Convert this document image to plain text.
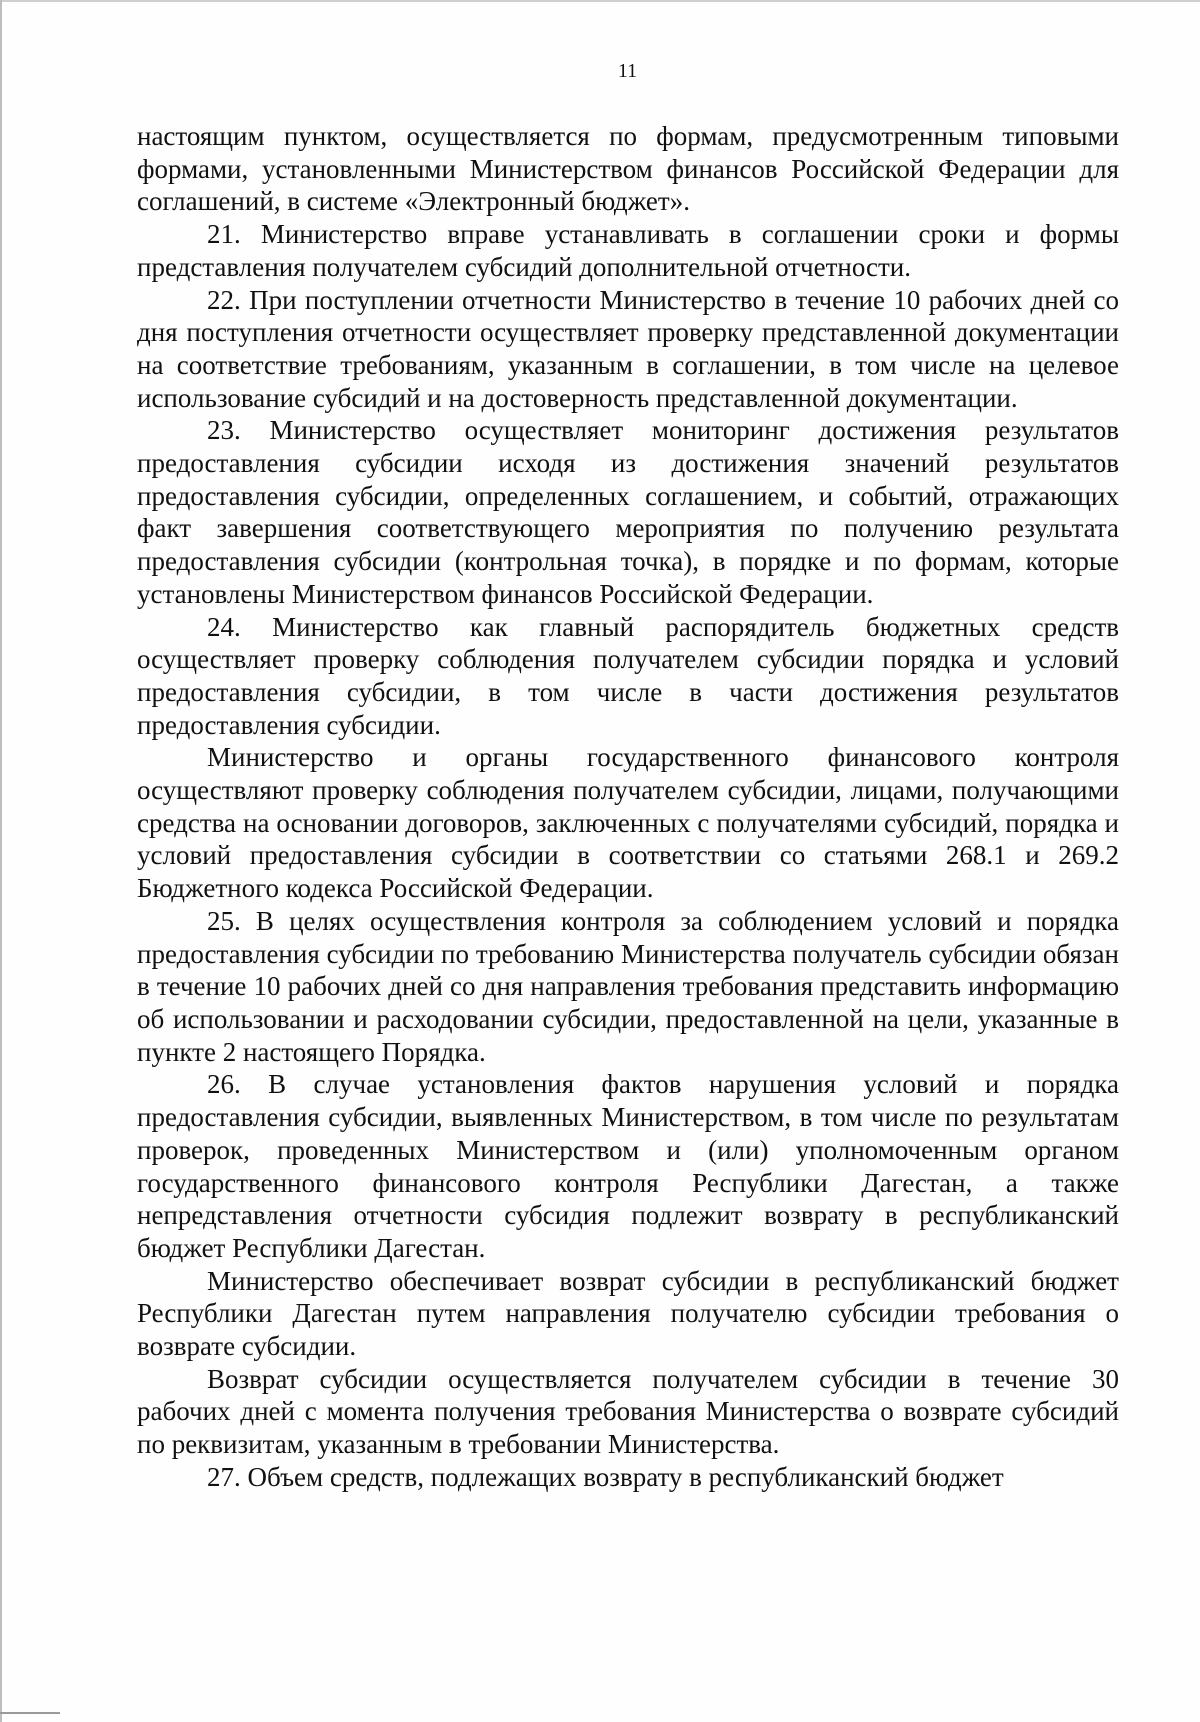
11

настоящим пунктом, осуществляется по формам, предусмотренным типовыми формами, установленными Министерством финансов Российской Федерации для соглашений, в системе «Электронный бюджет».

21. Министерство вправе устанавливать в соглашении сроки и формы представления получателем субсидий дополнительной отчетности.

22. При поступлении отчетности Министерство в течение 10 рабочих дней со дня поступления отчетности осуществляет проверку представленной документации на соответствие требованиям, указанным в соглашении, в том числе на целевое использование субсидий и на достоверность представленной документации.

23. Министерство осуществляет мониторинг достижения результатов предоставления субсидии исходя из достижения значений результатов предоставления субсидии, определенных соглашением, и событий, отражающих факт завершения соответствующего мероприятия по получению результата предоставления субсидии (контрольная точка), в порядке и по формам, которые установлены Министерством финансов Российской Федерации.

24. Министерство как главный распорядитель бюджетных средств осуществляет проверку соблюдения получателем субсидии порядка и условий предоставления субсидии, в том числе в части достижения результатов предоставления субсидии.

Министерство и органы государственного финансового контроля осуществляют проверку соблюдения получателем субсидии, лицами, получающими средства на основании договоров, заключенных с получателями субсидий, порядка и условий предоставления субсидии в соответствии со статьями 268.1 и 269.2 Бюджетного кодекса Российской Федерации.

25. В целях осуществления контроля за соблюдением условий и порядка предоставления субсидии по требованию Министерства получатель субсидии обязан в течение 10 рабочих дней со дня направления требования представить информацию об использовании и расходовании субсидии, предоставленной на цели, указанные в пункте 2 настоящего Порядка.

26. В случае установления фактов нарушения условий и порядка предоставления субсидии, выявленных Министерством, в том числе по результатам проверок, проведенных Министерством и (или) уполномоченным органом государственного финансового контроля Республики Дагестан, а также непредставления отчетности субсидия подлежит возврату в республиканский бюджет Республики Дагестан.

Министерство обеспечивает возврат субсидии в республиканский бюджет Республики Дагестан путем направления получателю субсидии требования о возврате субсидии.

Возврат субсидии осуществляется получателем субсидии в течение 30 рабочих дней с момента получения требования Министерства о возврате субсидий по реквизитам, указанным в требовании Министерства.

27. Объем средств, подлежащих возврату в республиканский бюджет
